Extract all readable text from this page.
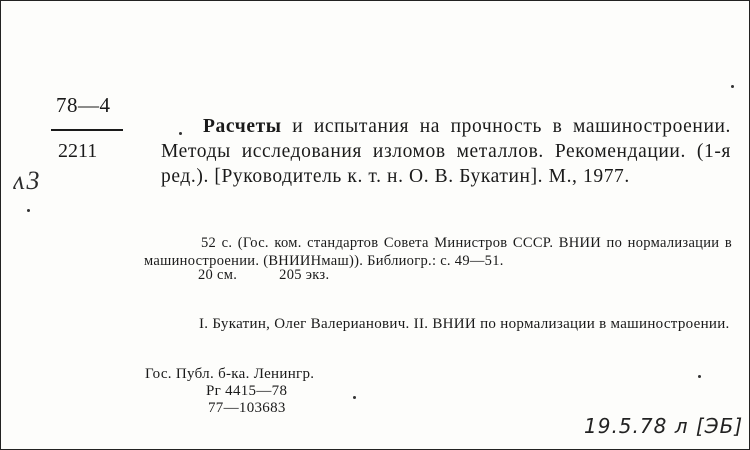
78—4
2211
ʌ3
Расчеты и испытания на прочность в машиностроении. Методы исследования изломов металлов. Рекомендации. (1-я ред.). [Руководитель к. т. н. О. В. Букатин]. М., 1977.
52 с. (Гос. ком. стандартов Совета Министров СССР. ВНИИ по нормализации в машиностроении. (ВНИИНмаш)). Библиогр.: с. 49—51.
20 см.	205 экз.
I. Букатин, Олег Валерианович. II. ВНИИ по нормализации в машиностроении.
Гос. Публ. б-ка. Ленингр.
Рг 4415—78
77—103683
19.5.78 л [ЭБ]
